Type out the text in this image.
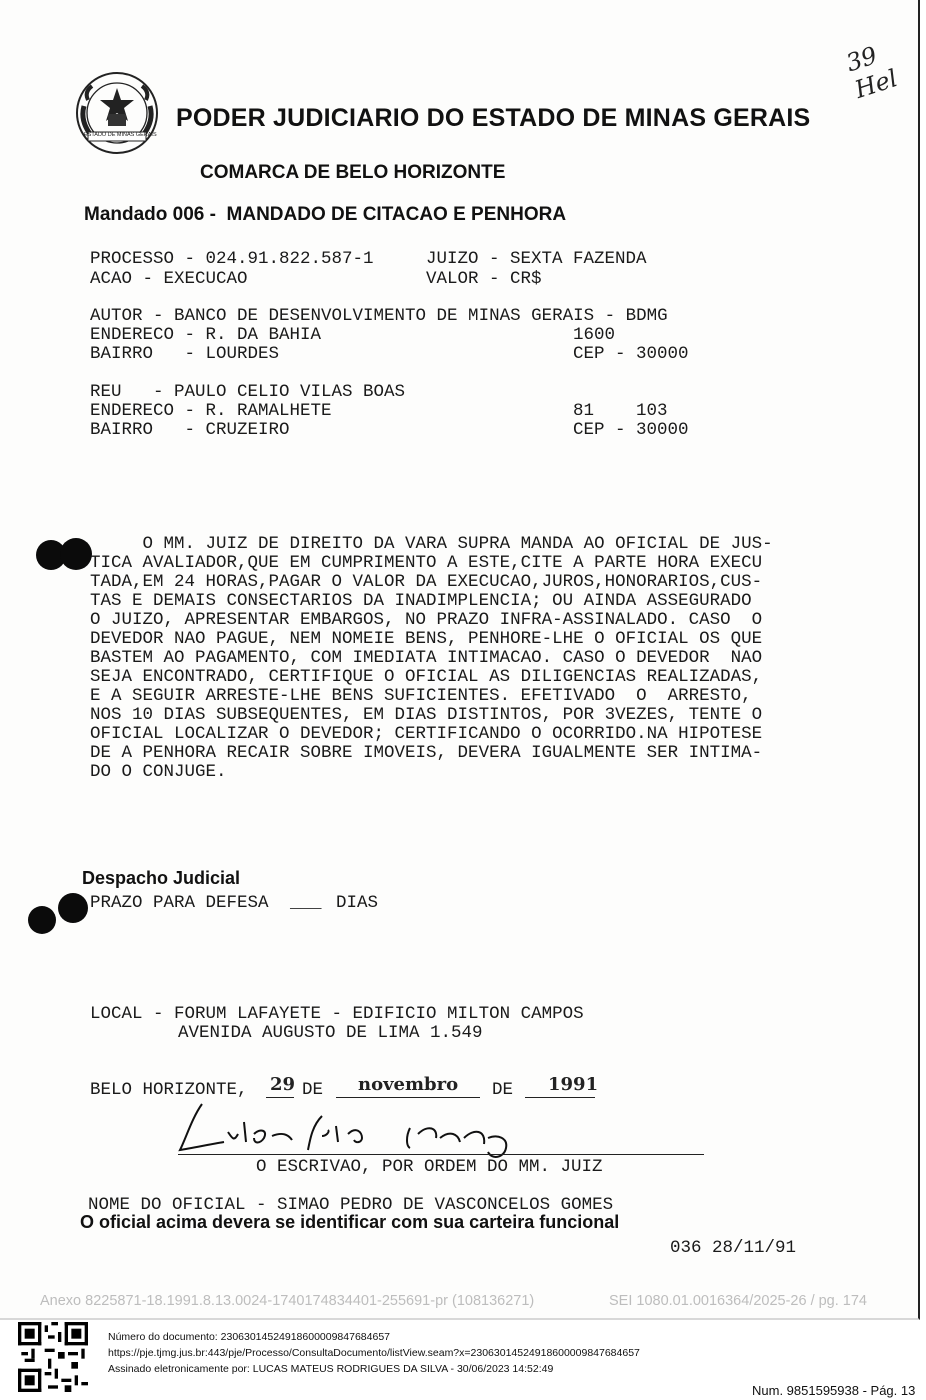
ESTADO DE MINAS GERAIS
39 Hel
PODER JUDICIARIO DO ESTADO DE MINAS GERAIS
COMARCA DE BELO HORIZONTE
Mandado 006 -  MANDADO DE CITACAO E PENHORA
PROCESSO - 024.91.822.587-1	JUIZO - SEXTA FAZENDA
ACAO - EXECUCAO	VALOR - CR$
AUTOR - BANCO DE DESENVOLVIMENTO DE MINAS GERAIS - BDMG
ENDERECO - R. DA BAHIA	1600
BAIRRO   - LOURDES	CEP - 30000
REU   - PAULO CELIO VILAS BOAS
ENDERECO - R. RAMALHETE	81    103
BAIRRO   - CRUZEIRO	CEP - 30000
O MM. JUIZ DE DIREITO DA VARA SUPRA MANDA AO OFICIAL DE JUS-
TICA AVALIADOR,QUE EM CUMPRIMENTO A ESTE,CITE A PARTE HORA EXECU
TADA,EM 24 HORAS,PAGAR O VALOR DA EXECUCAO,JUROS,HONORARIOS,CUS-
TAS E DEMAIS CONSECTARIOS DA INADIMPLENCIA; OU AINDA ASSEGURADO
O JUIZO, APRESENTAR EMBARGOS, NO PRAZO INFRA-ASSINALADO. CASO  O
DEVEDOR NAO PAGUE, NEM NOMEIE BENS, PENHORE-LHE O OFICIAL OS QUE
BASTEM AO PAGAMENTO, COM IMEDIATA INTIMACAO. CASO O DEVEDOR  NAO
SEJA ENCONTRADO, CERTIFIQUE O OFICIAL AS DILIGENCIAS REALIZADAS,
E A SEGUIR ARRESTE-LHE BENS SUFICIENTES. EFETIVADO  O  ARRESTO,
NOS 10 DIAS SUBSEQUENTES, EM DIAS DISTINTOS, POR 3VEZES, TENTE O
OFICIAL LOCALIZAR O DEVEDOR; CERTIFICANDO O OCORRIDO.NA HIPOTESE
DE A PENHORA RECAIR SOBRE IMOVEIS, DEVERA IGUALMENTE SER INTIMA-
DO O CONJUGE.
Despacho Judicial
PRAZO PARA DEFESA ___ DIAS
LOCAL - FORUM LAFAYETE - EDIFICIO MILTON CAMPOS
AVENIDA AUGUSTO DE LIMA 1.549
BELO HORIZONTE, 29 DE novembro DE 1991
O ESCRIVAO, POR ORDEM DO MM. JUIZ
NOME DO OFICIAL - SIMAO PEDRO DE VASCONCELOS GOMES
O oficial acima devera se identificar com sua carteira funcional
036 28/11/91
Anexo 8225871-18.1991.8.13.0024-1740174834401-255691-pr (108136271)	SEI 1080.01.0016364/2025-26 / pg. 174
Número do documento: 23063014524918600009847684657
https://pje.tjmg.jus.br:443/pje/Processo/ConsultaDocumento/listView.seam?x=23063014524918600009847684657
Assinado eletronicamente por: LUCAS MATEUS RODRIGUES DA SILVA - 30/06/2023 14:52:49
Num. 9851595938 - Pág. 13
